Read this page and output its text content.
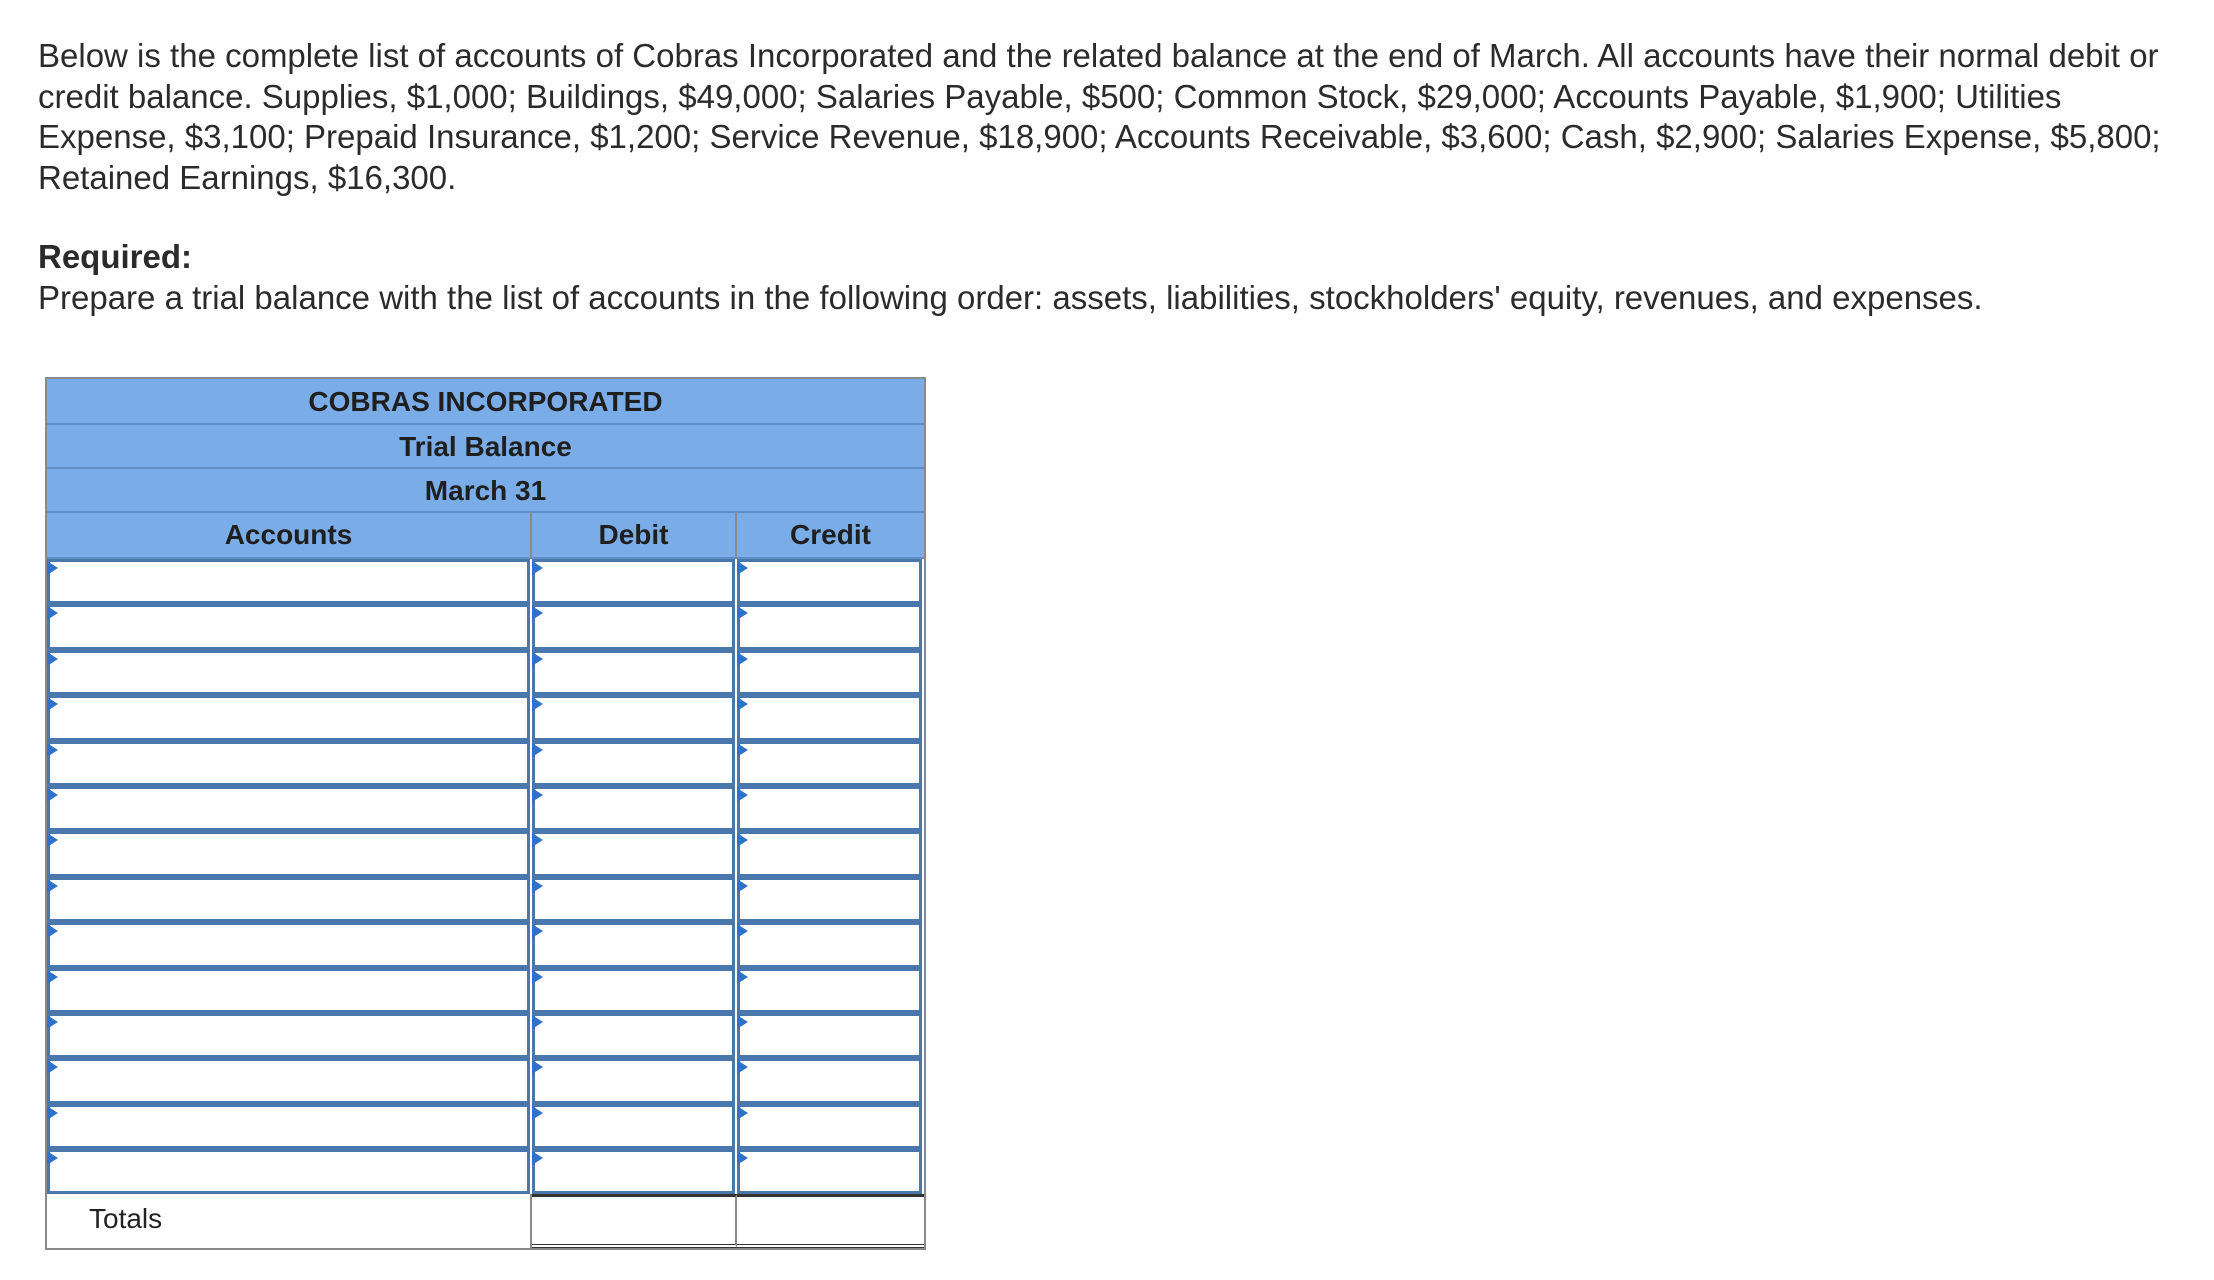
Below is the complete list of accounts of Cobras Incorporated and the related balance at the end of March. All accounts have their normal debit or credit balance. Supplies, $1,000; Buildings, $49,000; Salaries Payable, $500; Common Stock, $29,000; Accounts Payable, $1,900; Utilities Expense, $3,100; Prepaid Insurance, $1,200; Service Revenue, $18,900; Accounts Receivable, $3,600; Cash, $2,900; Salaries Expense, $5,800; Retained Earnings, $16,300.
Required:
Prepare a trial balance with the list of accounts in the following order: assets, liabilities, stockholders' equity, revenues, and expenses.
COBRAS INCORPORATED
Trial Balance
March 31
Accounts	Debit	Credit
Totals
